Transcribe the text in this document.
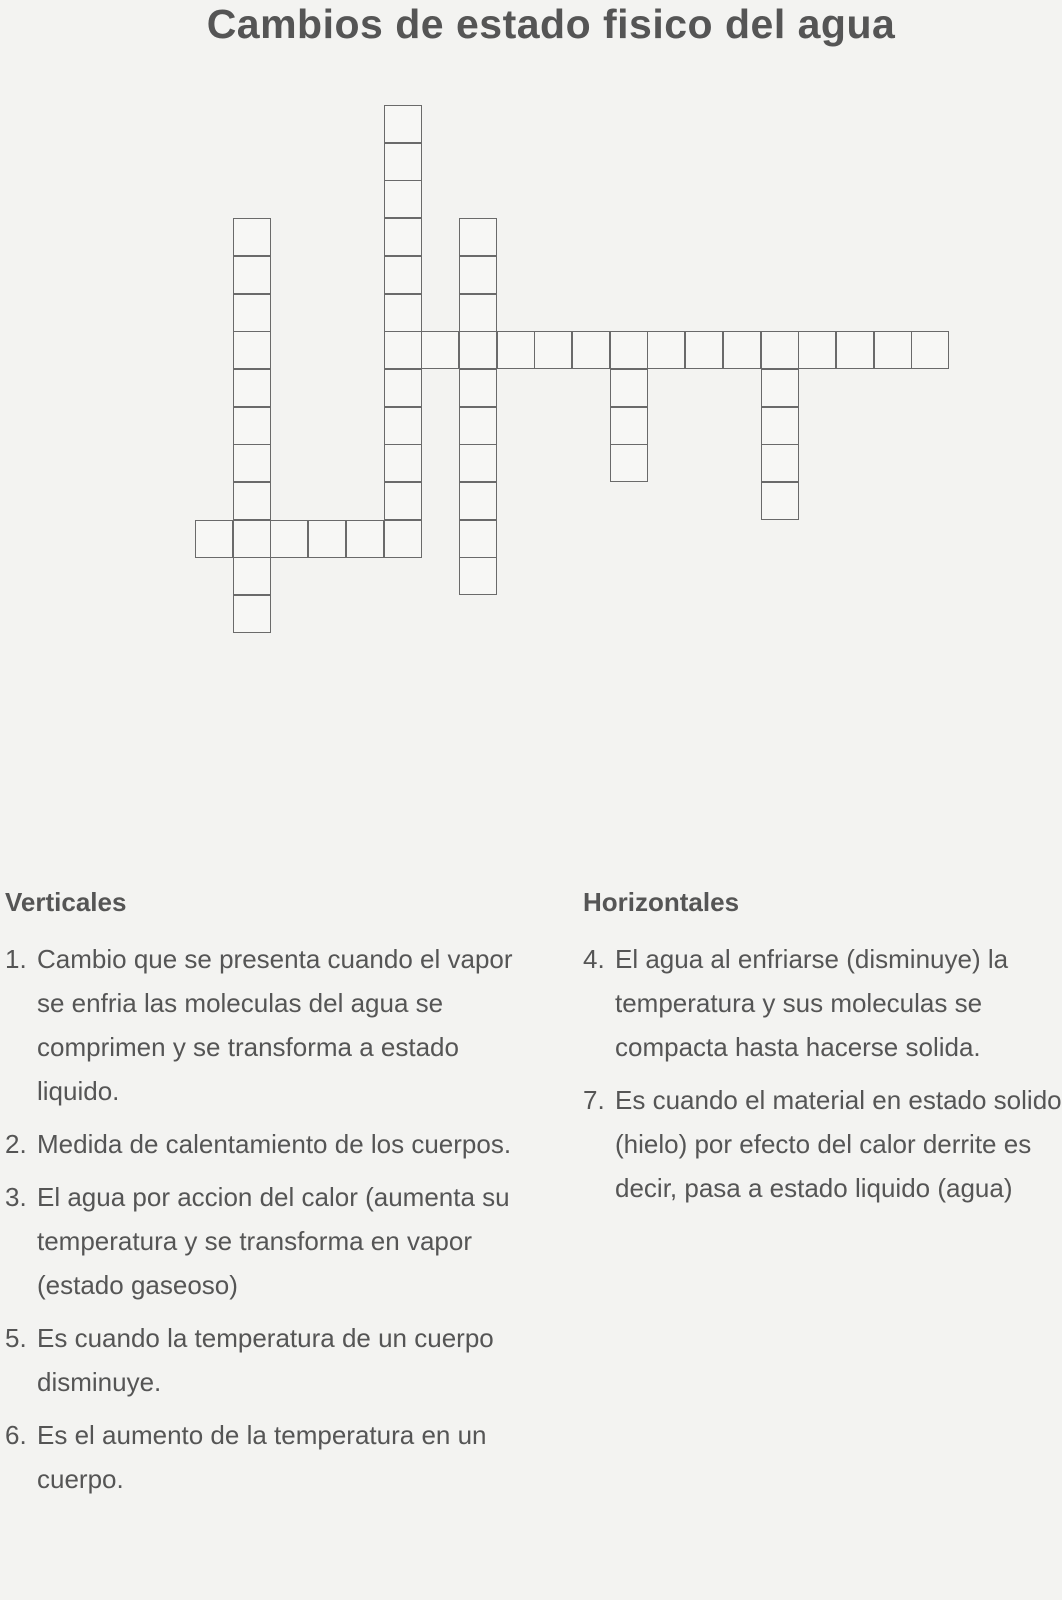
Cambios de estado fisico del agua
Verticales
1. Cambio que se presenta cuando el vapor se enfria las moleculas del agua se comprimen y se transforma a estado liquido.
2. Medida de calentamiento de los cuerpos.
3. El agua por accion del calor (aumenta su temperatura y se transforma en vapor (estado gaseoso)
5. Es cuando la temperatura de un cuerpo disminuye.
6. Es el aumento de la temperatura en un cuerpo.
Horizontales
4. El agua al enfriarse (disminuye) la temperatura y sus moleculas se compacta hasta hacerse solida.
7. Es cuando el material en estado solido (hielo) por efecto del calor derrite es decir, pasa a estado liquido (agua)
